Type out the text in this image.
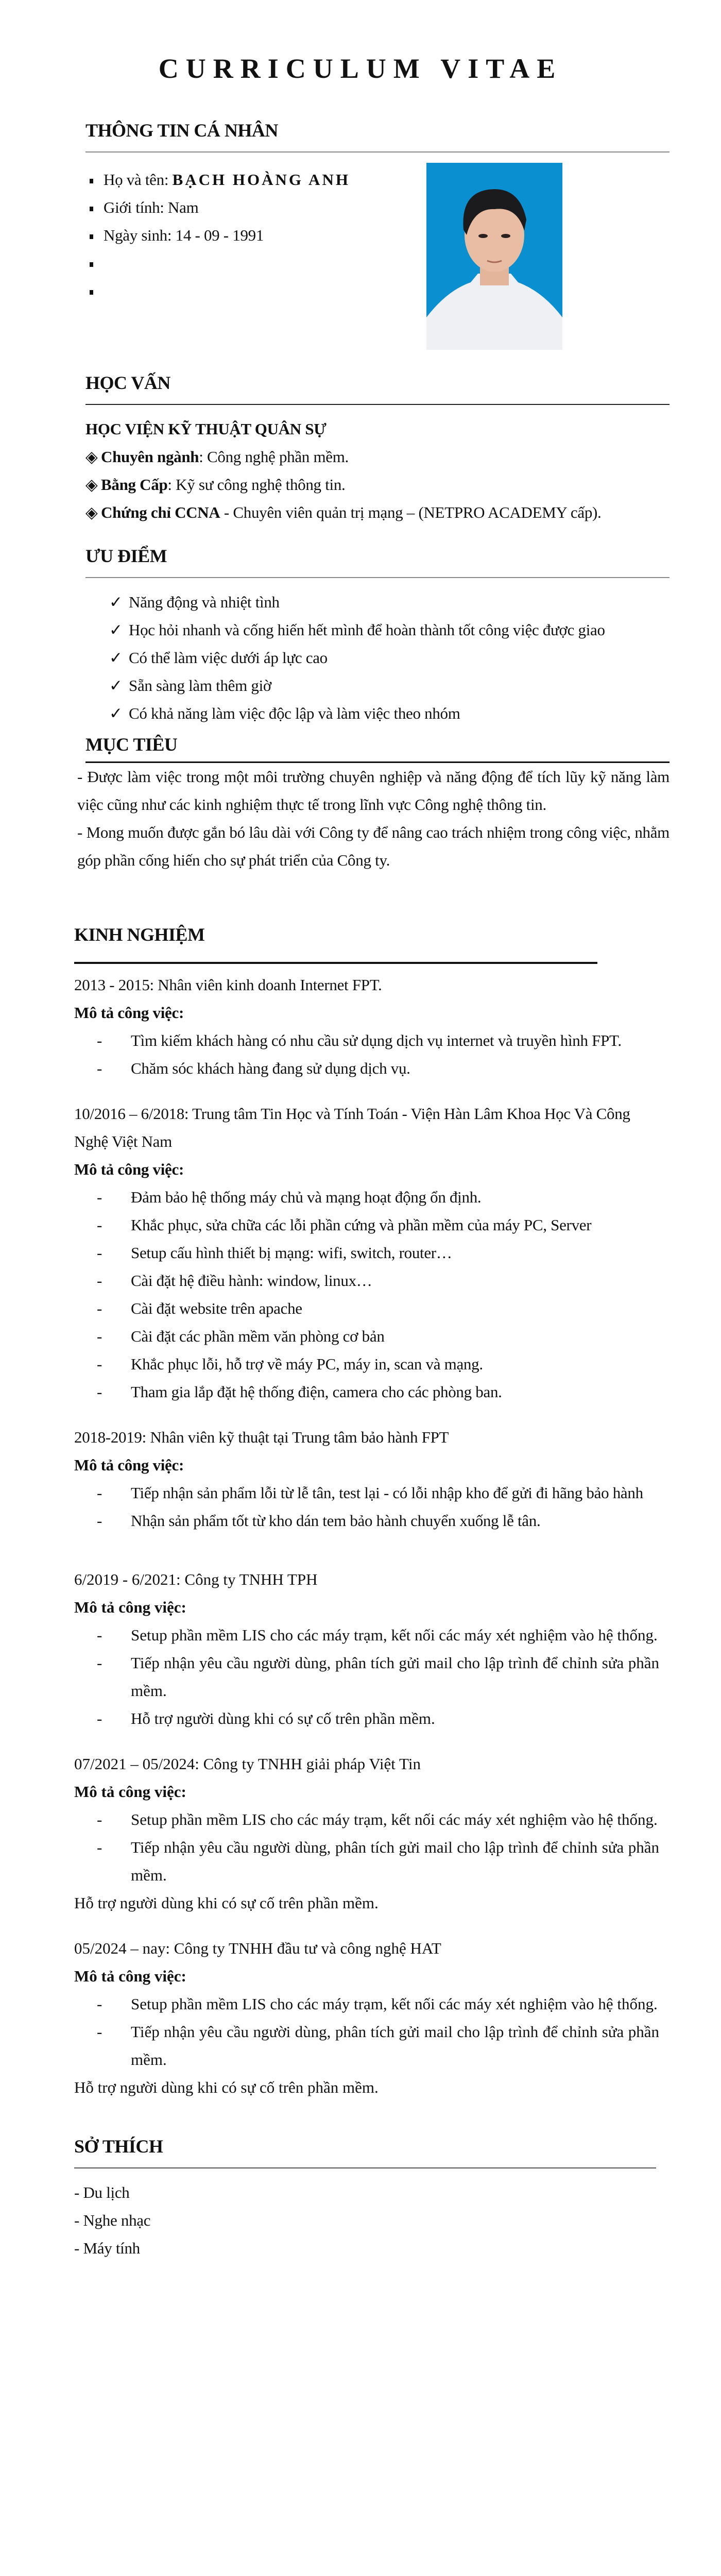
CURRICULUM VITAE
THÔNG TIN CÁ NHÂN
Họ và tên: BẠCH HOÀNG ANH
Giới tính: Nam
Ngày sinh: 14 - 09 - 1991
HỌC VẤN
HỌC VIỆN KỸ THUẬT QUÂN SỰ
◈ Chuyên ngành: Công nghệ phần mềm.
◈ Bằng Cấp: Kỹ sư công nghệ thông tin.
◈ Chứng chỉ CCNA - Chuyên viên quản trị mạng – (NETPRO ACADEMY cấp).
ƯU ĐIỂM
✓ Năng động và nhiệt tình
✓ Học hỏi nhanh và cống hiến hết mình để hoàn thành tốt công việc được giao
✓ Có thể làm việc dưới áp lực cao
✓ Sẵn sàng làm thêm giờ
✓ Có khả năng làm việc độc lập và làm việc theo nhóm
MỤC TIÊU
- Được làm việc trong một môi trường chuyên nghiệp và năng động để tích lũy kỹ năng làm việc cũng như các kinh nghiệm thực tế trong lĩnh vực Công nghệ thông tin.
- Mong muốn được gắn bó lâu dài với Công ty để nâng cao trách nhiệm trong công việc, nhằm góp phần cống hiến cho sự phát triển của Công ty.
KINH NGHIỆM
2013 - 2015: Nhân viên kinh doanh Internet FPT.
Mô tả công việc:
- Tìm kiếm khách hàng có nhu cầu sử dụng dịch vụ internet và truyền hình FPT.
- Chăm sóc khách hàng đang sử dụng dịch vụ.
10/2016 – 6/2018: Trung tâm Tin Học và Tính Toán - Viện Hàn Lâm Khoa Học Và Công Nghệ Việt Nam
Mô tả công việc:
- Đảm bảo hệ thống máy chủ và mạng hoạt động ổn định.
- Khắc phục, sửa chữa các lỗi phần cứng và phần mềm của máy PC, Server
- Setup cấu hình thiết bị mạng: wifi, switch, router…
- Cài đặt hệ điều hành: window, linux…
- Cài đặt website trên apache
- Cài đặt các phần mềm văn phòng cơ bản
- Khắc phục lỗi, hỗ trợ về máy PC, máy in, scan và mạng.
- Tham gia lắp đặt hệ thống điện, camera cho các phòng ban.
2018-2019: Nhân viên kỹ thuật tại Trung tâm bảo hành FPT
Mô tả công việc:
- Tiếp nhận sản phẩm lỗi từ lễ tân, test lại - có lỗi nhập kho để gửi đi hãng bảo hành
- Nhận sản phẩm tốt từ kho dán tem bảo hành chuyển xuống lễ tân.
6/2019 - 6/2021: Công ty TNHH TPH
Mô tả công việc:
- Setup phần mềm LIS cho các máy trạm, kết nối các máy xét nghiệm vào hệ thống.
- Tiếp nhận yêu cầu người dùng, phân tích gửi mail cho lập trình để chỉnh sửa phần mềm.
- Hỗ trợ người dùng khi có sự cố trên phần mềm.
07/2021 – 05/2024: Công ty TNHH giải pháp Việt Tin
Mô tả công việc:
- Setup phần mềm LIS cho các máy trạm, kết nối các máy xét nghiệm vào hệ thống.
- Tiếp nhận yêu cầu người dùng, phân tích gửi mail cho lập trình để chỉnh sửa phần mềm.
Hỗ trợ người dùng khi có sự cố trên phần mềm.
05/2024 – nay: Công ty TNHH đầu tư và công nghệ HAT
Mô tả công việc:
- Setup phần mềm LIS cho các máy trạm, kết nối các máy xét nghiệm vào hệ thống.
- Tiếp nhận yêu cầu người dùng, phân tích gửi mail cho lập trình để chỉnh sửa phần mềm.
Hỗ trợ người dùng khi có sự cố trên phần mềm.
SỞ THÍCH
- Du lịch
- Nghe nhạc
- Máy tính
